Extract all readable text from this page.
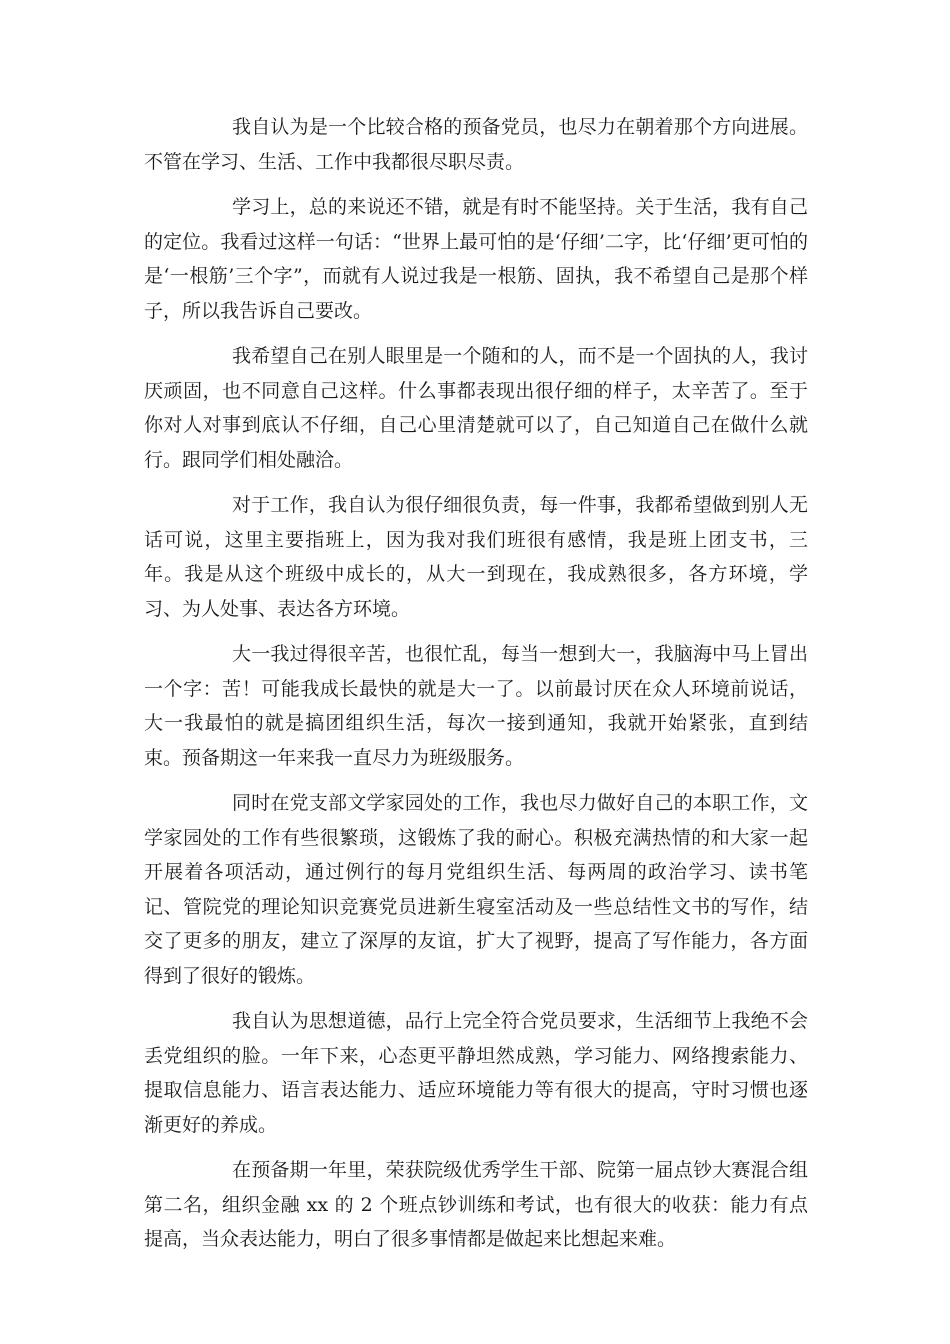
我自认为是一个比较合格的预备党员，也尽力在朝着那个方向进展。不管在学习、生活、工作中我都很尽职尽责。

学习上，总的来说还不错，就是有时不能坚持。关于生活，我有自己的定位。我看过这样一句话：“世界上最可怕的是‘仔细’二字，比‘仔细’更可怕的是‘一根筋’三个字”，而就有人说过我是一根筋、固执，我不希望自己是那个样子，所以我告诉自己要改。

我希望自己在别人眼里是一个随和的人，而不是一个固执的人，我讨厌顽固，也不同意自己这样。什么事都表现出很仔细的样子，太辛苦了。至于你对人对事到底认不仔细，自己心里清楚就可以了，自己知道自己在做什么就行。跟同学们相处融洽。

对于工作，我自认为很仔细很负责，每一件事，我都希望做到别人无话可说，这里主要指班上，因为我对我们班很有感情，我是班上团支书，三年。我是从这个班级中成长的，从大一到现在，我成熟很多，各方环境，学习、为人处事、表达各方环境。

大一我过得很辛苦，也很忙乱，每当一想到大一，我脑海中马上冒出一个字：苦！可能我成长最快的就是大一了。以前最讨厌在众人环境前说话，大一我最怕的就是搞团组织生活，每次一接到通知，我就开始紧张，直到结束。预备期这一年来我一直尽力为班级服务。

同时在党支部文学家园处的工作，我也尽力做好自己的本职工作，文学家园处的工作有些很繁琐，这锻炼了我的耐心。积极充满热情的和大家一起开展着各项活动，通过例行的每月党组织生活、每两周的政治学习、读书笔记、管院党的理论知识竞赛党员进新生寝室活动及一些总结性文书的写作，结交了更多的朋友，建立了深厚的友谊，扩大了视野，提高了写作能力，各方面得到了很好的锻炼。

我自认为思想道德，品行上完全符合党员要求，生活细节上我绝不会丢党组织的脸。一年下来，心态更平静坦然成熟，学习能力、网络搜索能力、提取信息能力、语言表达能力、适应环境能力等有很大的提高，守时习惯也逐渐更好的养成。

在预备期一年里，荣获院级优秀学生干部、院第一届点钞大赛混合组第二名，组织金融 xx 的 2 个班点钞训练和考试，也有很大的收获：能力有点提高，当众表达能力，明白了很多事情都是做起来比想起来难。
